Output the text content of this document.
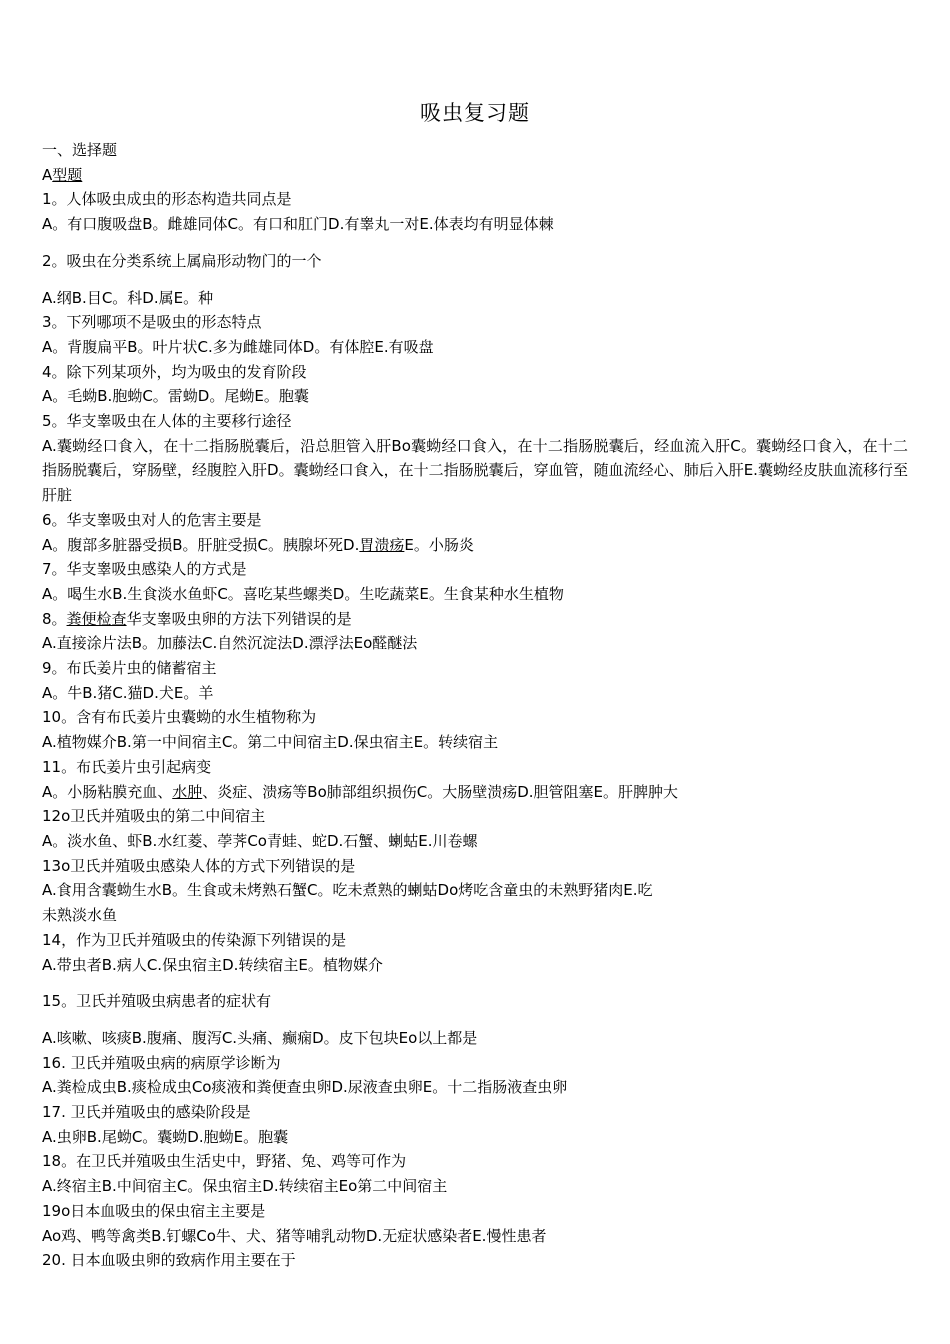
吸虫复习题
一、选择题
A型题
1。人体吸虫成虫的形态构造共同点是
A。有口腹吸盘B。雌雄同体C。有口和肛门D.有睾丸一对E.体表均有明显体棘
2。吸虫在分类系统上属扁形动物门的一个
A.纲B.目C。科D.属E。种
3。下列哪项不是吸虫的形态特点
A。背腹扁平B。叶片状C.多为雌雄同体D。有体腔E.有吸盘
4。除下列某项外，均为吸虫的发育阶段
A。毛蚴B.胞蚴C。雷蚴D。尾蚴E。胞囊
5。华支睾吸虫在人体的主要移行途径
A.囊蚴经口食入，在十二指肠脱囊后，沿总胆管入肝Bo囊蚴经口食入，在十二指肠脱囊后，经血流入肝C。囊蚴经口食入，在十二指肠脱囊后，穿肠壁，经腹腔入肝D。囊蚴经口食入，在十二指肠脱囊后，穿血管，随血流经心、肺后入肝E.囊蚴经皮肤血流移行至肝脏
6。华支睾吸虫对人的危害主要是
A。腹部多脏器受损B。肝脏受损C。胰腺坏死D.胃溃疡E。小肠炎
7。华支睾吸虫感染人的方式是
A。喝生水B.生食淡水鱼虾C。喜吃某些螺类D。生吃蔬菜E。生食某种水生植物
8。粪便检查华支睾吸虫卵的方法下列错误的是
A.直接涂片法B。加藤法C.自然沉淀法D.漂浮法Eo醛醚法
9。布氏姜片虫的储蓄宿主
A。牛B.猪C.猫D.犬E。羊
10。含有布氏姜片虫囊蚴的水生植物称为
A.植物媒介B.第一中间宿主C。第二中间宿主D.保虫宿主E。转续宿主
11。布氏姜片虫引起病变
A。小肠粘膜充血、水肿、炎症、溃疡等Bo肺部组织损伤C。大肠壁溃疡D.胆管阻塞E。肝脾肿大
12o卫氏并殖吸虫的第二中间宿主
A。淡水鱼、虾B.水红菱、荸荠Co青蛙、蛇D.石蟹、蝲蛄E.川卷螺
13o卫氏并殖吸虫感染人体的方式下列错误的是
A.食用含囊蚴生水B。生食或未烤熟石蟹C。吃未煮熟的蝲蛄Do烤吃含童虫的未熟野猪肉E.吃
未熟淡水鱼
14，作为卫氏并殖吸虫的传染源下列错误的是
A.带虫者B.病人C.保虫宿主D.转续宿主E。植物媒介
15。卫氏并殖吸虫病患者的症状有
A.咳嗽、咳痰B.腹痛、腹泻C.头痛、癫痫D。皮下包块Eo以上都是
16. 卫氏并殖吸虫病的病原学诊断为
A.粪检成虫B.痰检成虫Co痰液和粪便查虫卵D.尿液查虫卵E。十二指肠液查虫卵
17. 卫氏并殖吸虫的感染阶段是
A.虫卵B.尾蚴C。囊蚴D.胞蚴E。胞囊
18。在卫氏并殖吸虫生活史中，野猪、兔、鸡等可作为
A.终宿主B.中间宿主C。保虫宿主D.转续宿主Eo第二中间宿主
19o日本血吸虫的保虫宿主主要是
Ao鸡、鸭等禽类B.钉螺Co牛、犬、猪等哺乳动物D.无症状感染者E.慢性患者
20. 日本血吸虫卵的致病作用主要在于
